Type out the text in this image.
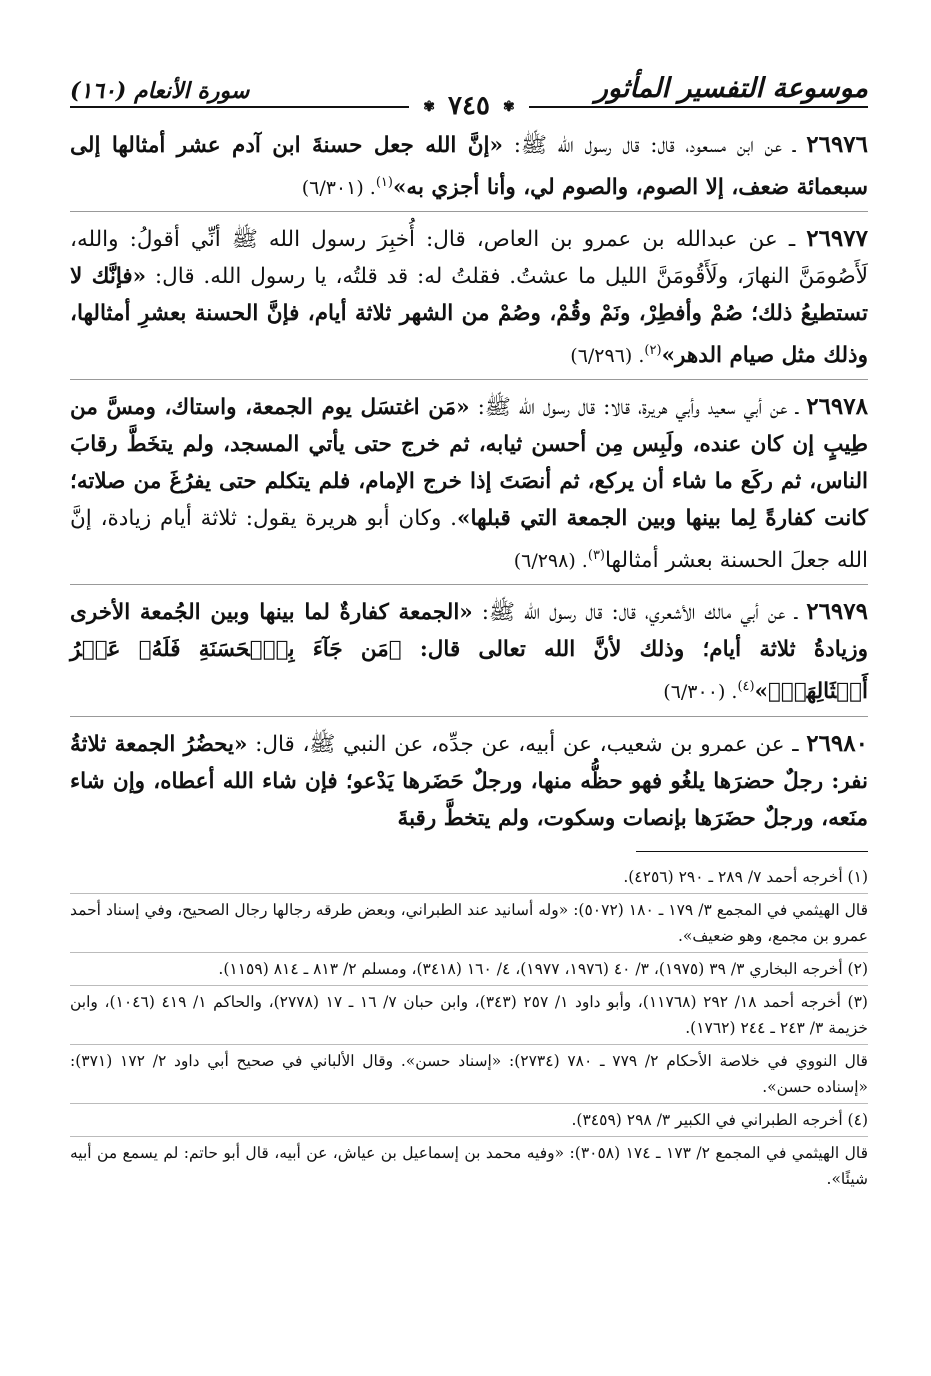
موسوعة التفسير المأثور
سورة الأنعام (١٦٠)
✾ ٧٤٥ ✾

٢٦٩٧٦ ـ عن ابن مسعود، قال: قال رسول الله ﷺ: «إنَّ الله جعل حسنةَ ابن آدم عشر أمثالها إلى سبعمائة ضعف، إلا الصوم، والصوم لي، وأنا أجزي به»$^{(١)}$. (٦/٣٠١)

٢٦٩٧٧ ـ عن عبدالله بن عمرو بن العاص، قال: أُخبِرَ رسول الله ﷺ أنِّي أقولُ: والله، لَأَصُومَنَّ النهارَ، ولَأَقُومَنَّ الليل ما عشتُ. فقلتُ له: قد قلتُه، يا رسول الله. قال: «فإنَّك لا تستطيعُ ذلك؛ صُمْ وأفطِرْ، ونَمْ وقُمْ، وصُمْ من الشهر ثلاثة أيام، فإنَّ الحسنة بعشرِ أمثالها، وذلك مثل صيام الدهر»$^{(٢)}$. (٦/٢٩٦)

٢٦٩٧٨ ـ عن أبي سعيد وأبي هريرة، قالا: قال رسول الله ﷺ: «مَن اغتسَل يوم الجمعة، واستاك، ومسَّ من طِيبٍ إن كان عنده، ولَبِس مِن أحسن ثيابه، ثم خرج حتى يأتي المسجد، ولم يتخَطَّ رقابَ الناس، ثم ركَع ما شاء أن يركع، ثم أنصَتَ إذا خرج الإمام، فلم يتكلم حتى يفرُغَ من صلاته؛ كانت كفارةً لِما بينها وبين الجمعة التي قبلها». وكان أبو هريرة يقول: ثلاثة أيام زيادة، إنَّ الله جعلَ الحسنة بعشر أمثالها$^{(٣)}$. (٦/٢٩٨)

٢٦٩٧٩ ـ عن أبي مالك الأشعري، قال: قال رسول الله ﷺ: «الجمعة كفارةٌ لما بينها وبين الجُمعة الأخرى وزيادةُ ثلاثة أيام؛ وذلك لأنَّ الله تعالى قال: ﴿مَن جَآءَ بِٱلۡحَسَنَةِ فَلَهُۥ عَشۡرُ أَمۡثَالِهَاۖ﴾»$^{(٤)}$. (٦/٣٠٠)

٢٦٩٨٠ ـ عن عمرو بن شعيب، عن أبيه، عن جدِّه، عن النبي ﷺ، قال: «يحضُرُ الجمعة ثلاثةُ نفر: رجلٌ حضرَها يلغُو فهو حظُّه منها، ورجلٌ حَضَرها يَدْعو؛ فإن شاء الله أعطاه، وإن شاء منَعه، ورجلٌ حضَرَها بإنصات وسكوت، ولم يتخطَّ رقبةَ

(١) أخرجه أحمد ٧/ ٢٨٩ ـ ٢٩٠ (٤٢٥٦).

قال الهيثمي في المجمع ٣/ ١٧٩ ـ ١٨٠ (٥٠٧٢): «وله أسانيد عند الطبراني، وبعض طرقه رجالها رجال الصحيح، وفي إسناد أحمد عمرو بن مجمع، وهو ضعيف».

(٢) أخرجه البخاري ٣/ ٣٩ (١٩٧٥)، ٣/ ٤٠ (١٩٧٦، ١٩٧٧)، ٤/ ١٦٠ (٣٤١٨)، ومسلم ٢/ ٨١٣ ـ ٨١٤ (١١٥٩).

(٣) أخرجه أحمد ١٨/ ٢٩٢ (١١٧٦٨)، وأبو داود ١/ ٢٥٧ (٣٤٣)، وابن حبان ٧/ ١٦ ـ ١٧ (٢٧٧٨)، والحاكم ١/ ٤١٩ (١٠٤٦)، وابن خزيمة ٣/ ٢٤٣ ـ ٢٤٤ (١٧٦٢).

قال النووي في خلاصة الأحكام ٢/ ٧٧٩ ـ ٧٨٠ (٢٧٣٤): «إسناد حسن». وقال الألباني في صحيح أبي داود ٢/ ١٧٢ (٣٧١): «إسناده حسن».

(٤) أخرجه الطبراني في الكبير ٣/ ٢٩٨ (٣٤٥٩).

قال الهيثمي في المجمع ٢/ ١٧٣ ـ ١٧٤ (٣٠٥٨): «وفيه محمد بن إسماعيل بن عياش، عن أبيه، قال أبو حاتم: لم يسمع من أبيه شيئًا».
